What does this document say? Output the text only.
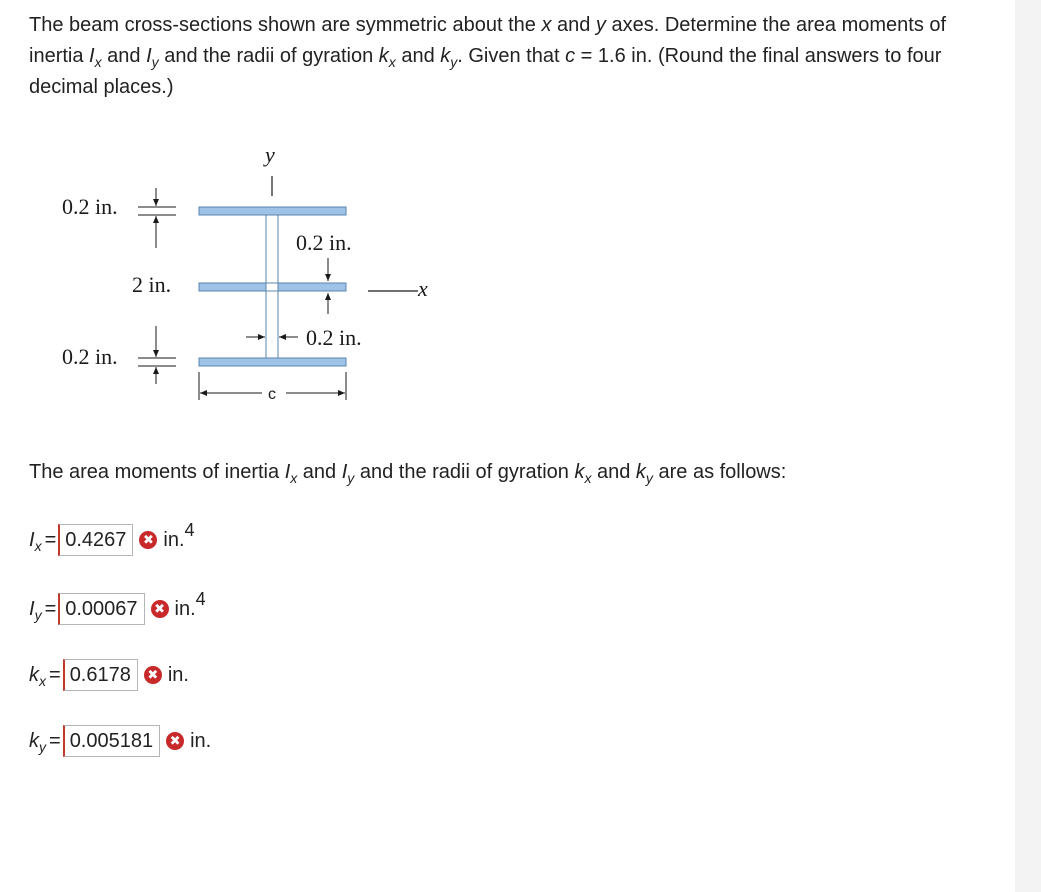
The beam cross-sections shown are symmetric about the x and y axes. Determine the area moments of inertia $I_x$ and $I_y$ and the radii of gyration $k_x$ and $k_y$. Given that c = 1.6 in. (Round the final answers to four decimal places.)
y
x
0.2 in.
2 in.
0.2 in.
0.2 in.
0.2 in.
c
The area moments of inertia $I_x$ and $I_y$ and the radii of gyration $k_x$ and $k_y$ are as follows:
$I_x = 0.4267$	✖ in.$^4$
$I_y = 0.00067$	✖ in.$^4$
$k_x = 0.6178$	✖ in.
$k_y = 0.005181$	✖ in.
